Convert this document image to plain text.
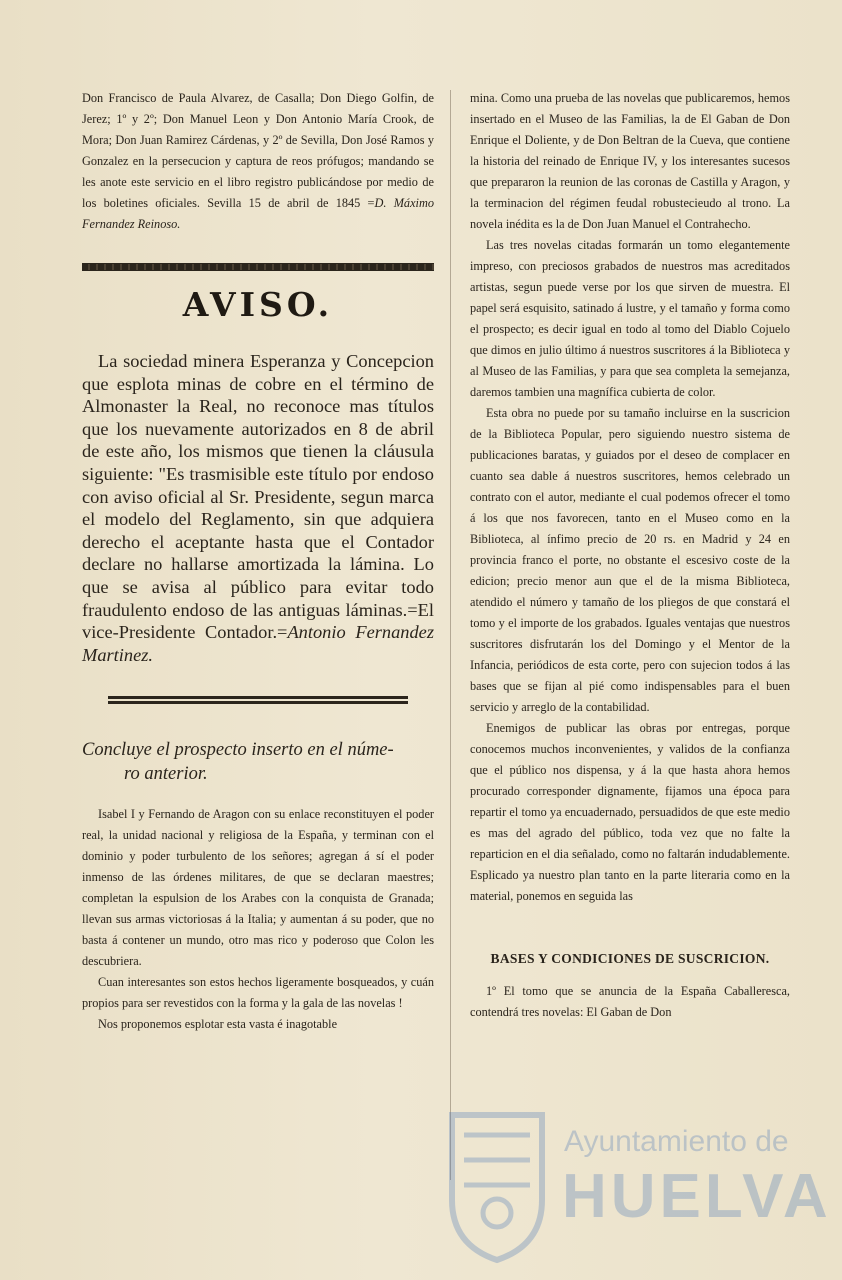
Don Francisco de Paula Alvarez, de Casalla; Don Diego Golfin, de Jerez; 1º y 2º; Don Manuel Leon y Don Antonio María Crook, de Mora; Don Juan Ramirez Cárdenas, y 2º de Sevilla, Don José Ramos y Gonzalez en la persecucion y captura de reos prófugos; mandando se les anote este servicio en el libro registro publicándose por medio de los boletines oficiales. Sevilla 15 de abril de 1845 =D. Máximo Fernandez Reinoso.

AVISO.

La sociedad minera Esperanza y Concepcion que esplota minas de cobre en el término de Almonaster la Real, no reconoce mas títulos que los nuevamente autorizados en 8 de abril de este año, los mismos que tienen la cláusula siguiente: "Es trasmisible este título por endoso con aviso oficial al Sr. Presidente, segun marca el modelo del Reglamento, sin que adquiera derecho el aceptante hasta que el Contador declare no hallarse amortizada la lámina. Lo que se avisa al público para evitar todo fraudulento endoso de las antiguas láminas.=El vice-Presidente Contador.=Antonio Fernandez Martinez.

Concluye el prospecto inserto en el núme-
ro anterior.

Isabel I y Fernando de Aragon con su enlace reconstituyen el poder real, la unidad nacional y religiosa de la España, y terminan con el dominio y poder turbulento de los señores; agregan á sí el poder inmenso de las órdenes militares, de que se declaran maestres; completan la espulsion de los Arabes con la conquista de Granada; llevan sus armas victoriosas á la Italia; y aumentan á su poder, que no basta á contener un mundo, otro mas rico y poderoso que Colon les descubriera.

Cuan interesantes son estos hechos ligeramente bosqueados, y cuán propios para ser revestidos con la forma y la gala de las novelas !

Nos proponemos esplotar esta vasta é inagotable

mina. Como una prueba de las novelas que publicaremos, hemos insertado en el Museo de las Familias, la de El Gaban de Don Enrique el Doliente, y de Don Beltran de la Cueva, que contiene la historia del reinado de Enrique IV, y los interesantes sucesos que prepararon la reunion de las coronas de Castilla y Aragon, y la terminacion del régimen feudal robustecieudo al trono. La novela inédita es la de Don Juan Manuel el Contrahecho.

Las tres novelas citadas formarán un tomo elegantemente impreso, con preciosos grabados de nuestros mas acreditados artistas, segun puede verse por los que sirven de muestra. El papel será esquisito, satinado á lustre, y el tamaño y forma como el prospecto; es decir igual en todo al tomo del Diablo Cojuelo que dimos en julio último á nuestros suscritores á la Biblioteca y al Museo de las Familias, y para que sea completa la semejanza, daremos tambien una magnífica cubierta de color.

Esta obra no puede por su tamaño incluirse en la suscricion de la Biblioteca Popular, pero siguiendo nuestro sistema de publicaciones baratas, y guiados por el deseo de complacer en cuanto sea dable á nuestros suscritores, hemos celebrado un contrato con el autor, mediante el cual podemos ofrecer el tomo á los que nos favorecen, tanto en el Museo como en la Biblioteca, al ínfimo precio de 20 rs. en Madrid y 24 en provincia franco el porte, no obstante el escesivo coste de la edicion; precio menor aun que el de la misma Biblioteca, atendido el número y tamaño de los pliegos de que constará el tomo y el importe de los grabados. Iguales ventajas que nuestros suscritores disfrutarán los del Domingo y el Mentor de la Infancia, periódicos de esta corte, pero con sujecion todos á las bases que se fijan al pié como indispensables para el buen servicio y arreglo de la contabilidad.

Enemigos de publicar las obras por entregas, porque conocemos muchos inconvenientes, y validos de la confianza que el público nos dispensa, y á la que hasta ahora hemos procurado corresponder dignamente, fijamos una época para repartir el tomo ya encuadernado, persuadidos de que este medio es mas del agrado del público, toda vez que no falte la reparticion en el dia señalado, como no faltarán indudablemente. Esplicado ya nuestro plan tanto en la parte literaria como en la material, ponemos en seguida las

BASES Y CONDICIONES DE SUSCRICION.

1º El tomo que se anuncia de la España Caballeresca, contendrá tres novelas: El Gaban de Don

Ayuntamiento de
HUELVA
